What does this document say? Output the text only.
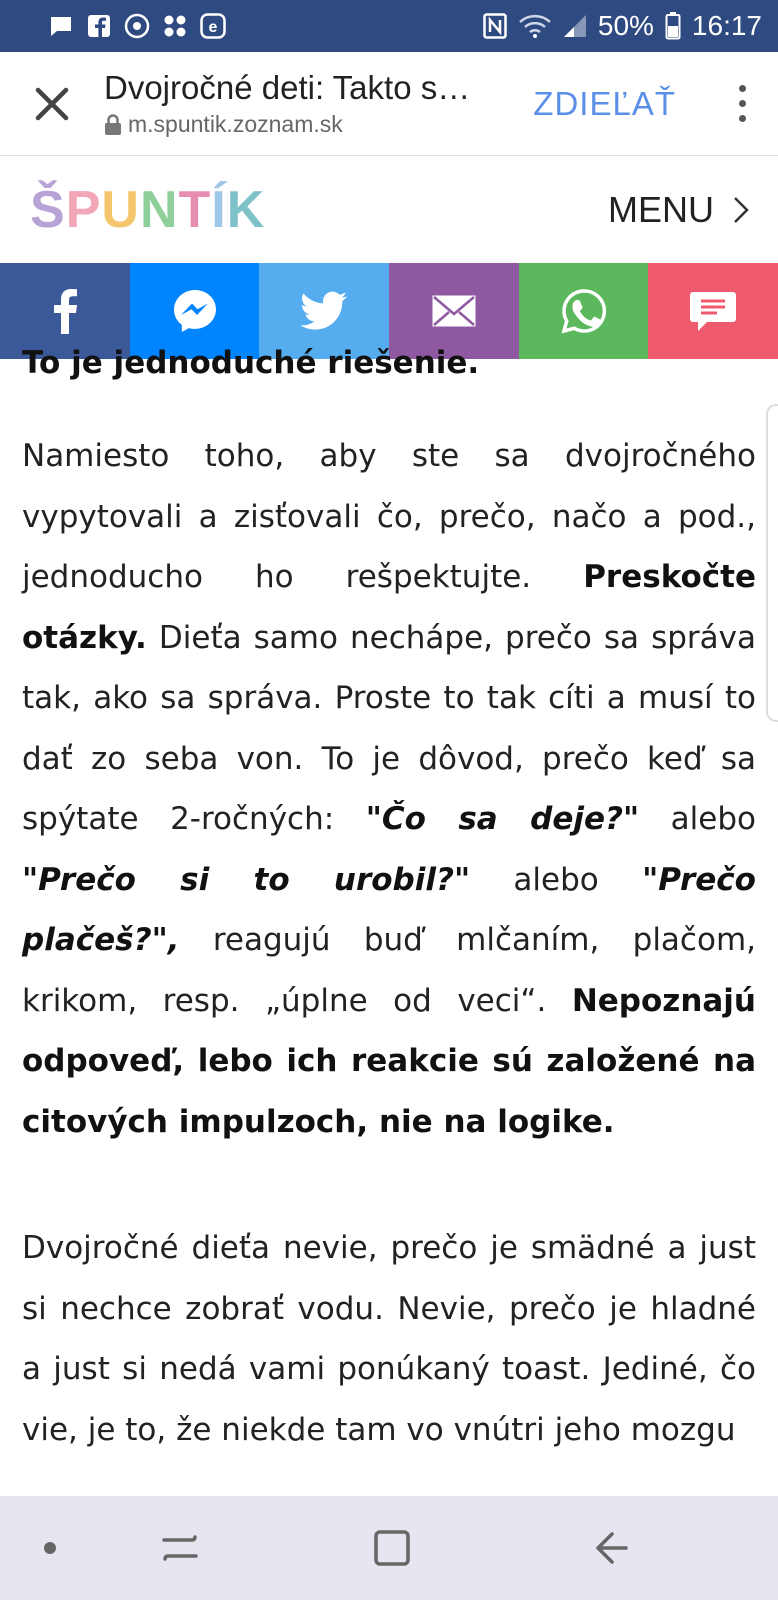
e	50% 16:17
Dvojročné deti: Takto s…
m.spuntik.zoznam.sk
ZDIEĽAŤ
Š P U N T Í K	MENU
To je jednoduché riešenie.

Namiesto toho, aby ste sa dvojročného vypytovali a zisťovali čo, prečo, načo a pod., jednoducho ho rešpektujte. Preskočte otázky. Dieťa samo nechápe, prečo sa správa tak, ako sa správa. Proste to tak cíti a musí to dať zo seba von. To je dôvod, prečo keď sa spýtate 2-ročných: "Čo sa deje?" alebo "Prečo si to urobil?" alebo "Prečo plačeš?", reagujú buď mlčaním, plačom, krikom, resp. „úplne od veci“. Nepoznajú odpoveď, lebo ich reakcie sú založené na citových impulzoch, nie na logike.

Dvojročné dieťa nevie, prečo je smädné a just si nechce zobrať vodu. Nevie, prečo je hladné a just si nedá vami ponúkaný toast. Jediné, čo vie, je to, že niekde tam vo vnútri jeho mozgu
